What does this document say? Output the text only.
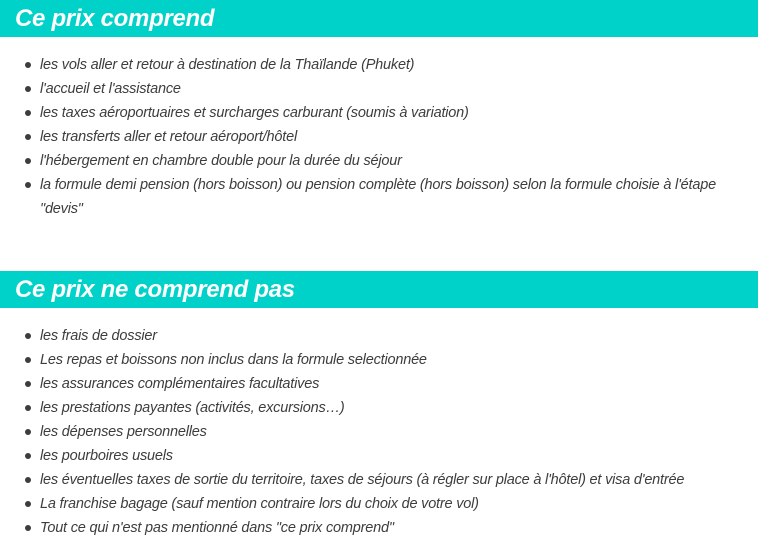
Ce prix comprend
les vols aller et retour à destination de la Thaïlande (Phuket)
l'accueil et l'assistance
les taxes aéroportuaires et surcharges carburant (soumis à variation)
les transferts aller et retour aéroport/hôtel
l'hébergement en chambre double pour la durée du séjour
la formule demi pension (hors boisson) ou pension complète (hors boisson) selon la formule choisie à l'étape "devis"
Ce prix ne comprend pas
les frais de dossier
Les repas et boissons non inclus dans la formule selectionnée
les assurances complémentaires facultatives
les prestations payantes (activités, excursions…)
les dépenses personnelles
les pourboires usuels
les éventuelles taxes de sortie du territoire, taxes de séjours (à régler sur place à l'hôtel) et visa d'entrée
La franchise bagage (sauf mention contraire lors du choix de votre vol)
Tout ce qui n'est pas mentionné dans "ce prix comprend"
